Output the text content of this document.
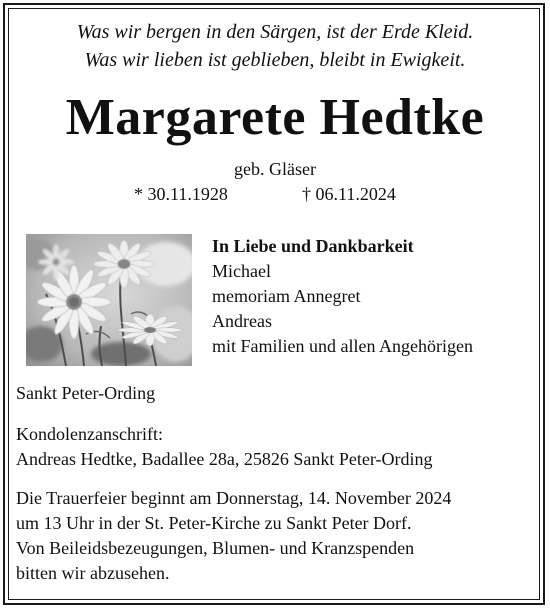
Was wir bergen in den Särgen, ist der Erde Kleid.
Was wir lieben ist geblieben, bleibt in Ewigkeit.
Margarete Hedtke
geb. Gläser
* 30.11.1928	† 06.11.2024
In Liebe und Dankbarkeit
Michael
memoriam Annegret
Andreas
mit Familien und allen Angehörigen
Sankt Peter-Ording
Kondolenzanschrift:
Andreas Hedtke, Badallee 28a, 25826 Sankt Peter-Ording
Die Trauerfeier beginnt am Donnerstag, 14. November 2024
um 13 Uhr in der St. Peter-Kirche zu Sankt Peter Dorf.
Von Beileidsbezeugungen, Blumen- und Kranzspenden
bitten wir abzusehen.
